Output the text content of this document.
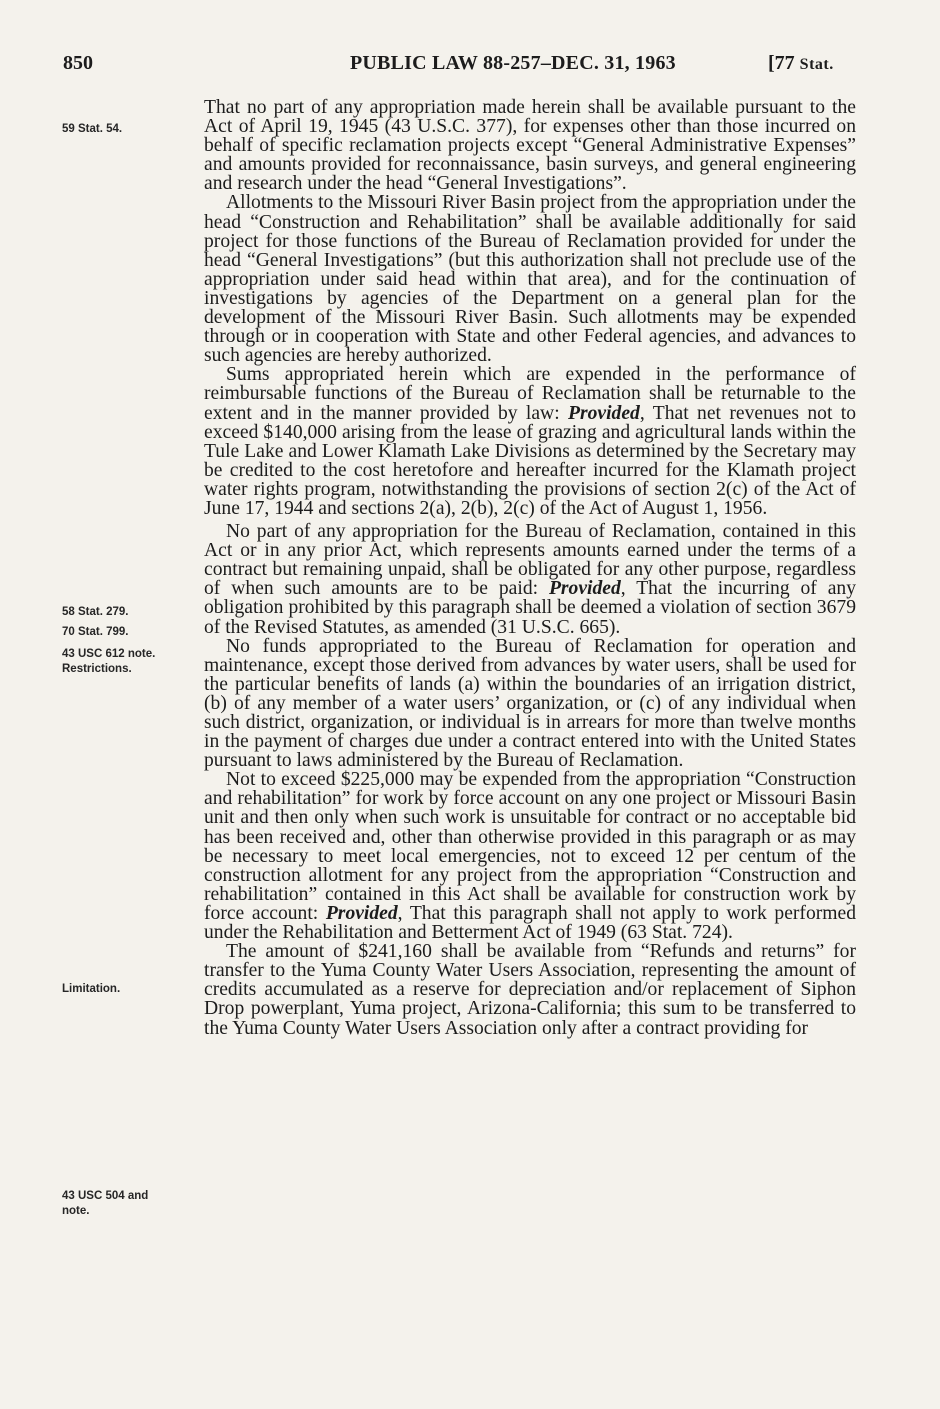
850	PUBLIC LAW 88-257–DEC. 31, 1963	[77 Stat.
59 Stat. 54.
58 Stat. 279.
70 Stat. 799.
43 USC 612 note.
Restrictions.
Limitation.
43 USC 504 and
note.

That no part of any appropriation made herein shall be available pursuant to the Act of April 19, 1945 (43 U.S.C. 377), for expenses other than those incurred on behalf of specific reclamation projects except “General Administrative Expenses” and amounts provided for reconnaissance, basin surveys, and general engineering and research under the head “General Investigations”.

Allotments to the Missouri River Basin project from the appropriation under the head “Construction and Rehabilitation” shall be available additionally for said project for those functions of the Bureau of Reclamation provided for under the head “General Investigations” (but this authorization shall not preclude use of the appropriation under said head within that area), and for the continuation of investigations by agencies of the Department on a general plan for the development of the Missouri River Basin. Such allotments may be expended through or in cooperation with State and other Federal agencies, and advances to such agencies are hereby authorized.

Sums appropriated herein which are expended in the performance of reimbursable functions of the Bureau of Reclamation shall be returnable to the extent and in the manner provided by law: Provided, That net revenues not to exceed $140,000 arising from the lease of grazing and agricultural lands within the Tule Lake and Lower Klamath Lake Divisions as determined by the Secretary may be credited to the cost heretofore and hereafter incurred for the Klamath project water rights program, notwithstanding the provisions of section 2(c) of the Act of June 17, 1944 and sections 2(a), 2(b), 2(c) of the Act of August 1, 1956.

No part of any appropriation for the Bureau of Reclamation, contained in this Act or in any prior Act, which represents amounts earned under the terms of a contract but remaining unpaid, shall be obligated for any other purpose, regardless of when such amounts are to be paid: Provided, That the incurring of any obligation prohibited by this paragraph shall be deemed a violation of section 3679 of the Revised Statutes, as amended (31 U.S.C. 665).

No funds appropriated to the Bureau of Reclamation for operation and maintenance, except those derived from advances by water users, shall be used for the particular benefits of lands (a) within the boundaries of an irrigation district, (b) of any member of a water users’ organization, or (c) of any individual when such district, organization, or individual is in arrears for more than twelve months in the payment of charges due under a contract entered into with the United States pursuant to laws administered by the Bureau of Reclamation.

Not to exceed $225,000 may be expended from the appropriation “Construction and rehabilitation” for work by force account on any one project or Missouri Basin unit and then only when such work is unsuitable for contract or no acceptable bid has been received and, other than otherwise provided in this paragraph or as may be necessary to meet local emergencies, not to exceed 12 per centum of the construction allotment for any project from the appropriation “Construction and rehabilitation” contained in this Act shall be available for construction work by force account: Provided, That this paragraph shall not apply to work performed under the Rehabilitation and Betterment Act of 1949 (63 Stat. 724).

The amount of $241,160 shall be available from “Refunds and returns” for transfer to the Yuma County Water Users Association, representing the amount of credits accumulated as a reserve for depreciation and/or replacement of Siphon Drop powerplant, Yuma project, Arizona-California; this sum to be transferred to the Yuma County Water Users Association only after a contract providing for
